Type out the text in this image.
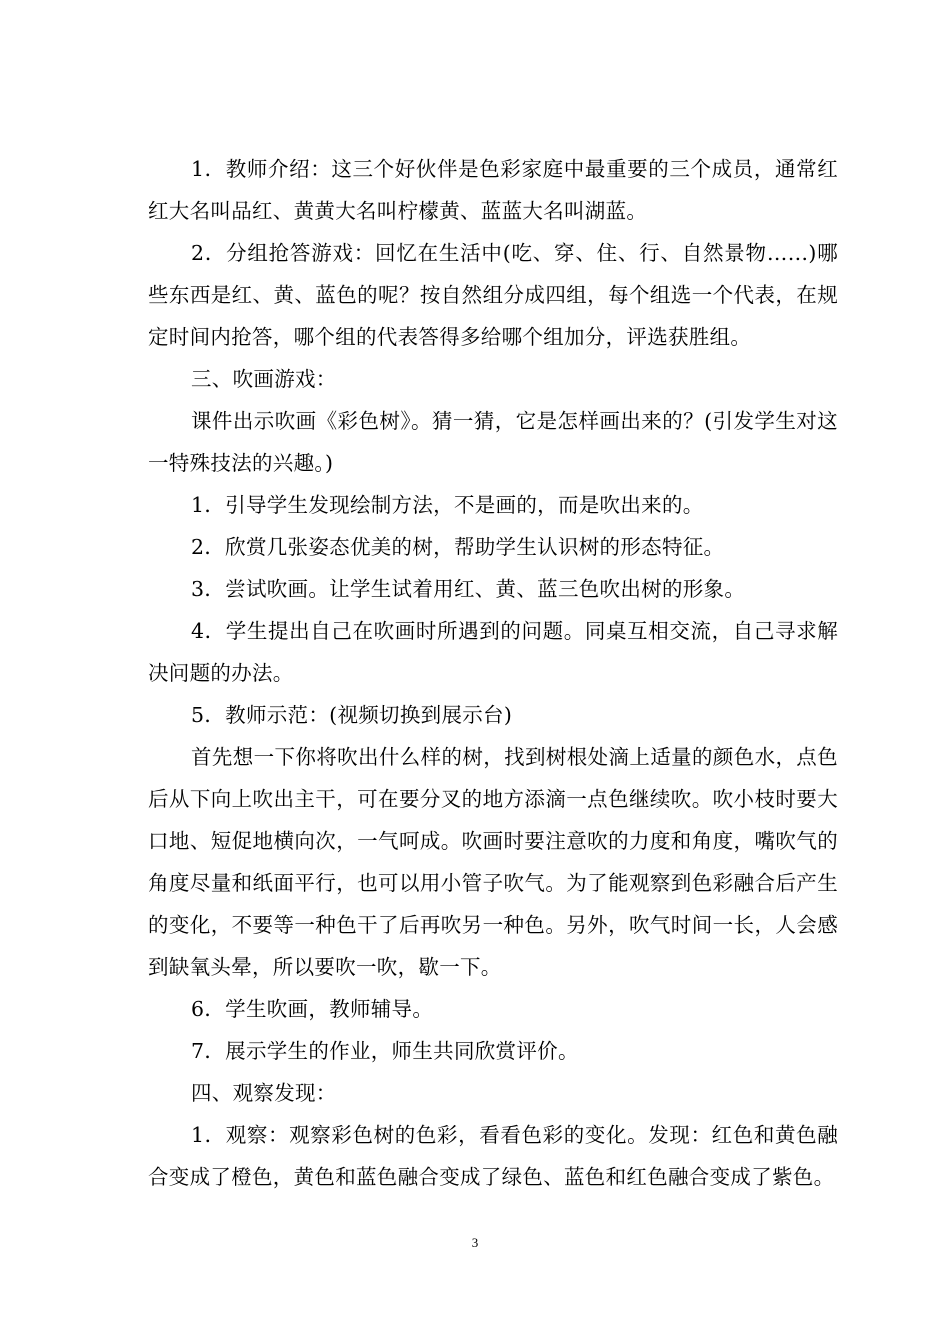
1．教师介绍：这三个好伙伴是色彩家庭中最重要的三个成员，通常红红大名叫品红、黄黄大名叫柠檬黄、蓝蓝大名叫湖蓝。

2．分组抢答游戏：回忆在生活中(吃、穿、住、行、自然景物……)哪些东西是红、黄、蓝色的呢？按自然组分成四组，每个组选一个代表，在规定时间内抢答，哪个组的代表答得多给哪个组加分，评选获胜组。

三、吹画游戏：

课件出示吹画《彩色树》。猜一猜，它是怎样画出来的？(引发学生对这一特殊技法的兴趣。)

1．引导学生发现绘制方法，不是画的，而是吹出来的。

2．欣赏几张姿态优美的树，帮助学生认识树的形态特征。

3．尝试吹画。让学生试着用红、黄、蓝三色吹出树的形象。

4．学生提出自己在吹画时所遇到的问题。同桌互相交流，自己寻求解决问题的办法。

5．教师示范：(视频切换到展示台)

首先想一下你将吹出什么样的树，找到树根处滴上适量的颜色水，点色后从下向上吹出主干，可在要分叉的地方添滴一点色继续吹。吹小枝时要大口地、短促地横向次，一气呵成。吹画时要注意吹的力度和角度，嘴吹气的角度尽量和纸面平行，也可以用小管子吹气。为了能观察到色彩融合后产生的变化，不要等一种色干了后再吹另一种色。另外，吹气时间一长，人会感到缺氧头晕，所以要吹一吹，歇一下。

6．学生吹画，教师辅导。

7．展示学生的作业，师生共同欣赏评价。

四、观察发现：

1．观察：观察彩色树的色彩，看看色彩的变化。发现：红色和黄色融合变成了橙色，黄色和蓝色融合变成了绿色、蓝色和红色融合变成了紫色。

3
